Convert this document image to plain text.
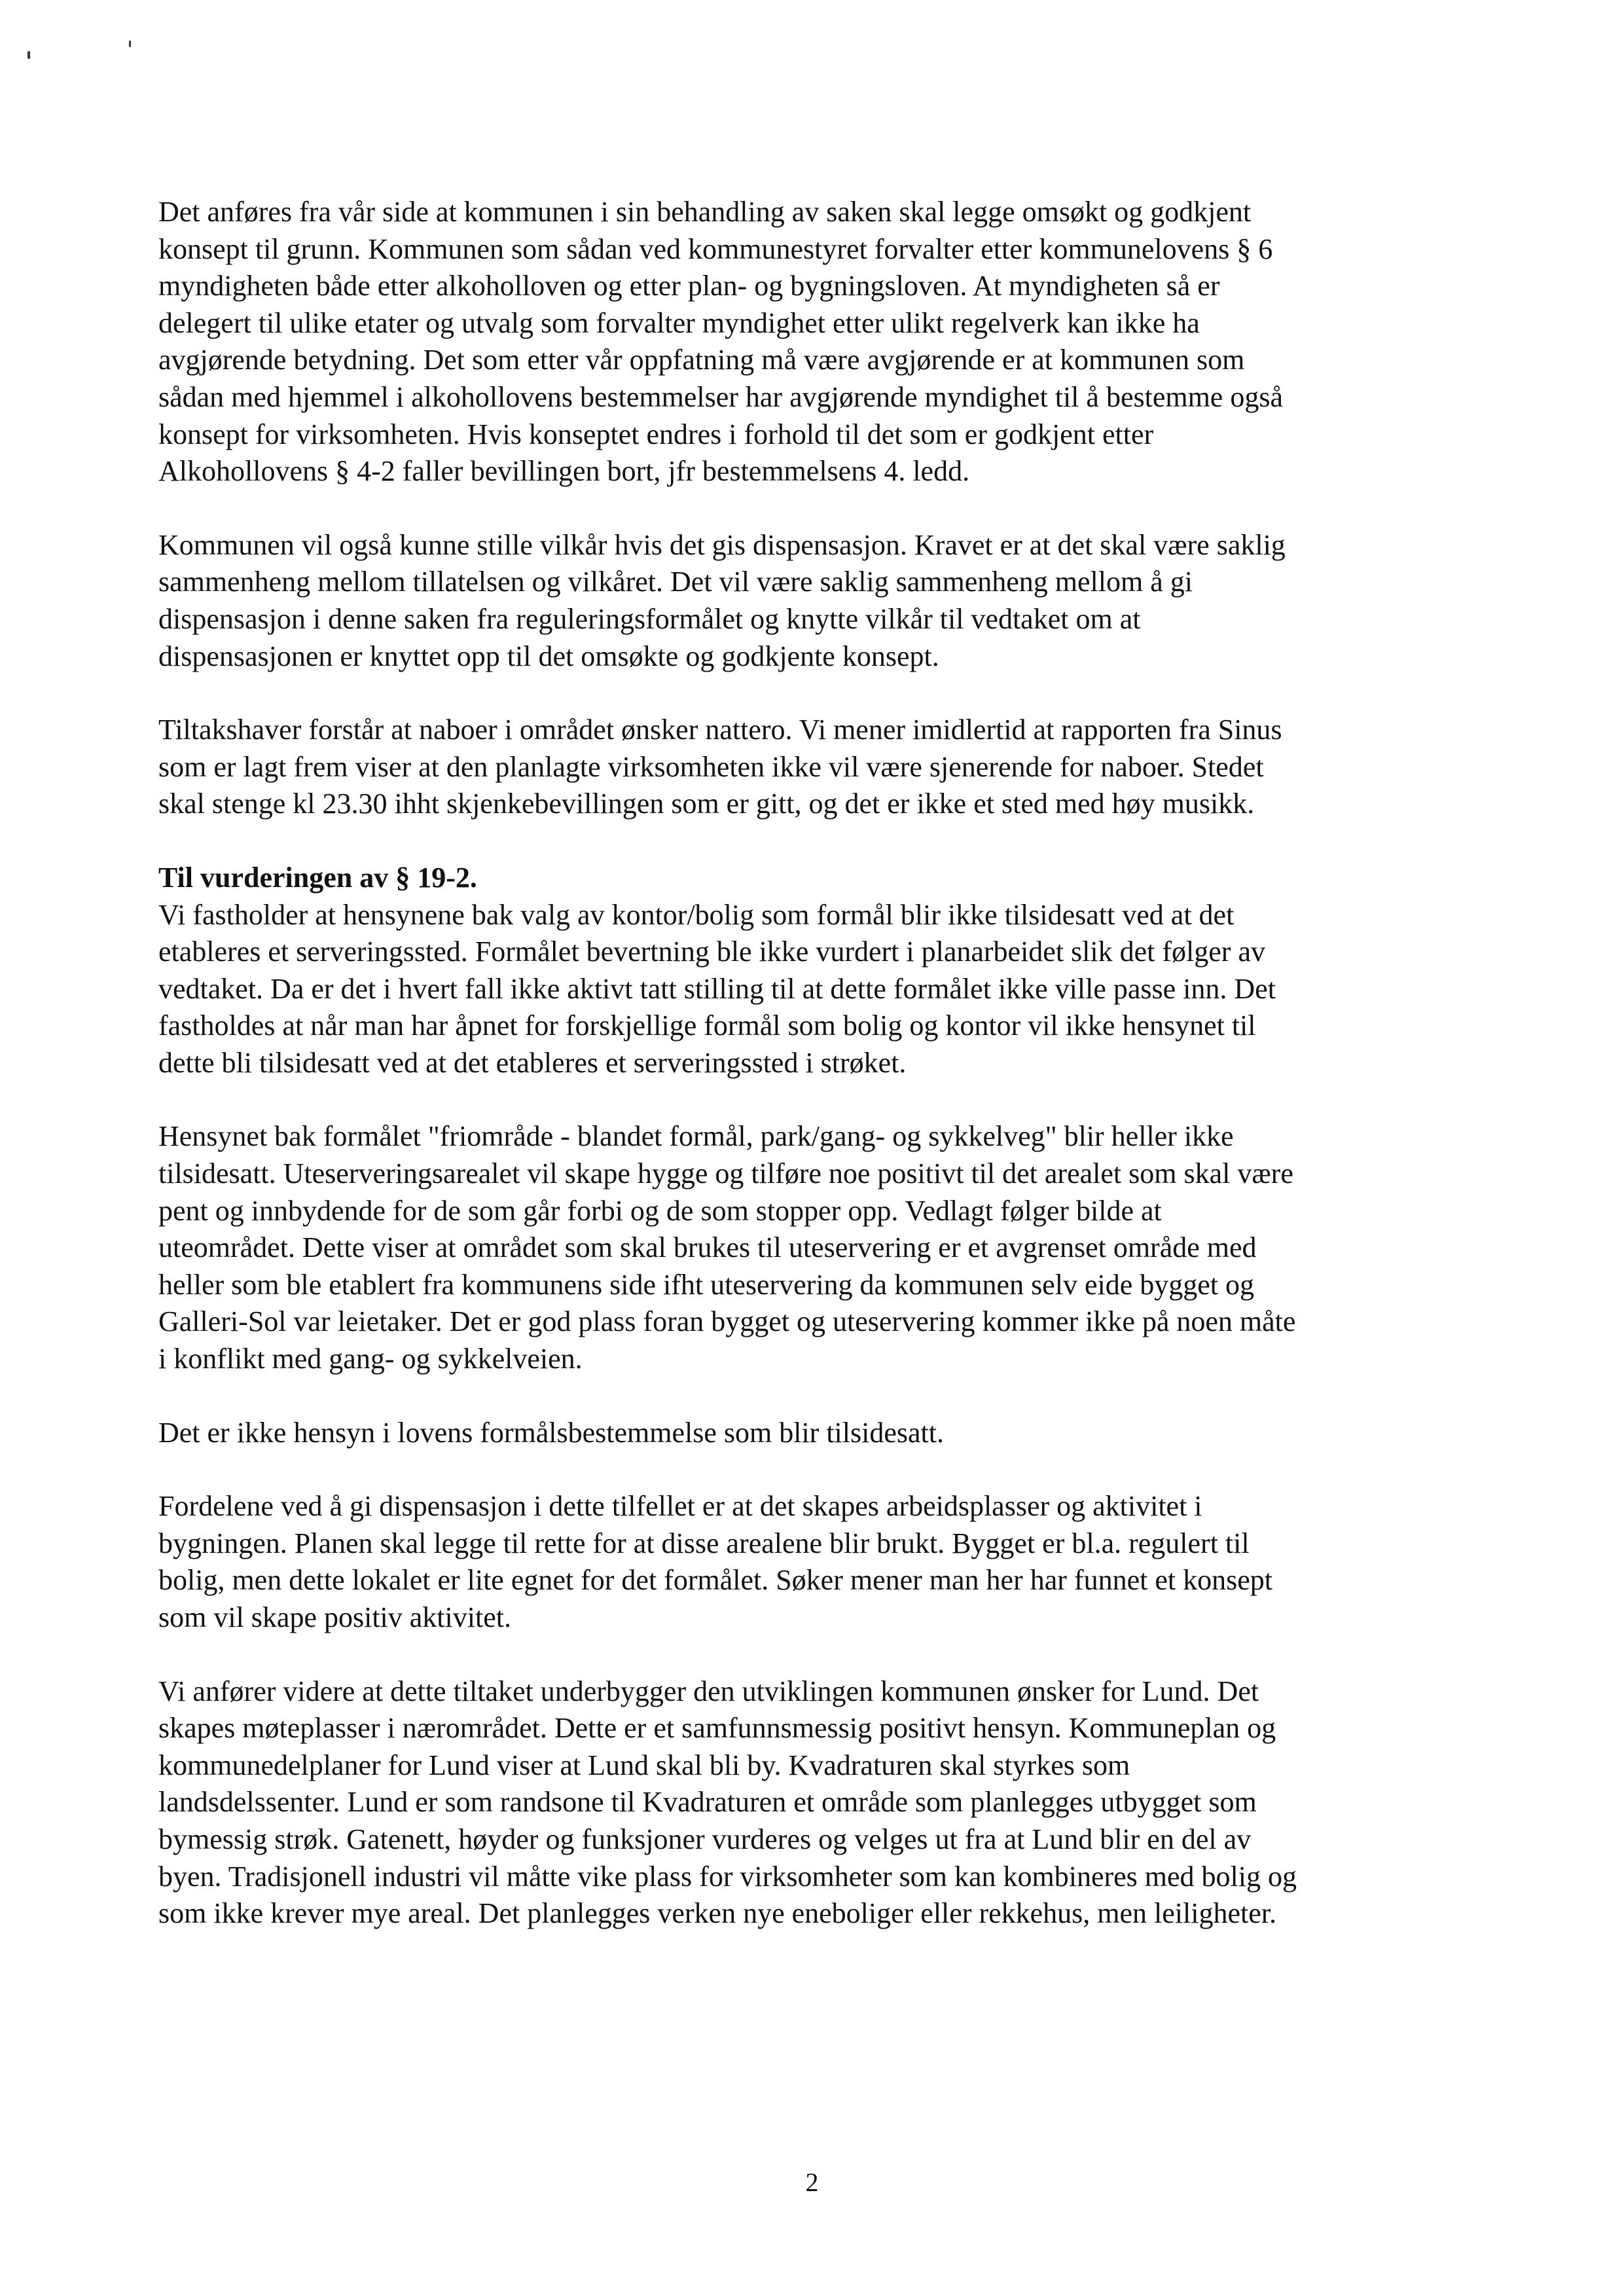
Det anføres fra vår side at kommunen i sin behandling av saken skal legge omsøkt og godkjent
konsept til grunn. Kommunen som sådan ved kommunestyret forvalter etter kommunelovens § 6
myndigheten både etter alkoholloven og etter plan- og bygningsloven. At myndigheten så er
delegert til ulike etater og utvalg som forvalter myndighet etter ulikt regelverk kan ikke ha
avgjørende betydning. Det som etter vår oppfatning må være avgjørende er at kommunen som
sådan med hjemmel i alkohollovens bestemmelser har avgjørende myndighet til å bestemme også
konsept for virksomheten. Hvis konseptet endres i forhold til det som er godkjent etter
Alkohollovens § 4-2 faller bevillingen bort, jfr bestemmelsens 4. ledd.

Kommunen vil også kunne stille vilkår hvis det gis dispensasjon. Kravet er at det skal være saklig
sammenheng mellom tillatelsen og vilkåret. Det vil være saklig sammenheng mellom å gi
dispensasjon i denne saken fra reguleringsformålet og knytte vilkår til vedtaket om at
dispensasjonen er knyttet opp til det omsøkte og godkjente konsept.

Tiltakshaver forstår at naboer i området ønsker nattero. Vi mener imidlertid at rapporten fra Sinus
som er lagt frem viser at den planlagte virksomheten ikke vil være sjenerende for naboer. Stedet
skal stenge kl 23.30 ihht skjenkebevillingen som er gitt, og det er ikke et sted med høy musikk.

Til vurderingen av § 19-2.
Vi fastholder at hensynene bak valg av kontor/bolig som formål blir ikke tilsidesatt ved at det
etableres et serveringssted. Formålet bevertning ble ikke vurdert i planarbeidet slik det følger av
vedtaket. Da er det i hvert fall ikke aktivt tatt stilling til at dette formålet ikke ville passe inn. Det
fastholdes at når man har åpnet for forskjellige formål som bolig og kontor vil ikke hensynet til
dette bli tilsidesatt ved at det etableres et serveringssted i strøket.

Hensynet bak formålet "friområde - blandet formål, park/gang- og sykkelveg" blir heller ikke
tilsidesatt. Uteserveringsarealet vil skape hygge og tilføre noe positivt til det arealet som skal være
pent og innbydende for de som går forbi og de som stopper opp. Vedlagt følger bilde at
uteområdet. Dette viser at området som skal brukes til uteservering er et avgrenset område med
heller som ble etablert fra kommunens side ifht uteservering da kommunen selv eide bygget og
Galleri-Sol var leietaker. Det er god plass foran bygget og uteservering kommer ikke på noen måte
i konflikt med gang- og sykkelveien.

Det er ikke hensyn i lovens formålsbestemmelse som blir tilsidesatt.

Fordelene ved å gi dispensasjon i dette tilfellet er at det skapes arbeidsplasser og aktivitet i
bygningen. Planen skal legge til rette for at disse arealene blir brukt. Bygget er bl.a. regulert til
bolig, men dette lokalet er lite egnet for det formålet. Søker mener man her har funnet et konsept
som vil skape positiv aktivitet.

Vi anfører videre at dette tiltaket underbygger den utviklingen kommunen ønsker for Lund. Det
skapes møteplasser i nærområdet. Dette er et samfunnsmessig positivt hensyn. Kommuneplan og
kommunedelplaner for Lund viser at Lund skal bli by. Kvadraturen skal styrkes som
landsdelssenter. Lund er som randsone til Kvadraturen et område som planlegges utbygget som
bymessig strøk. Gatenett, høyder og funksjoner vurderes og velges ut fra at Lund blir en del av
byen. Tradisjonell industri vil måtte vike plass for virksomheter som kan kombineres med bolig og
som ikke krever mye areal. Det planlegges verken nye eneboliger eller rekkehus, men leiligheter.

2
